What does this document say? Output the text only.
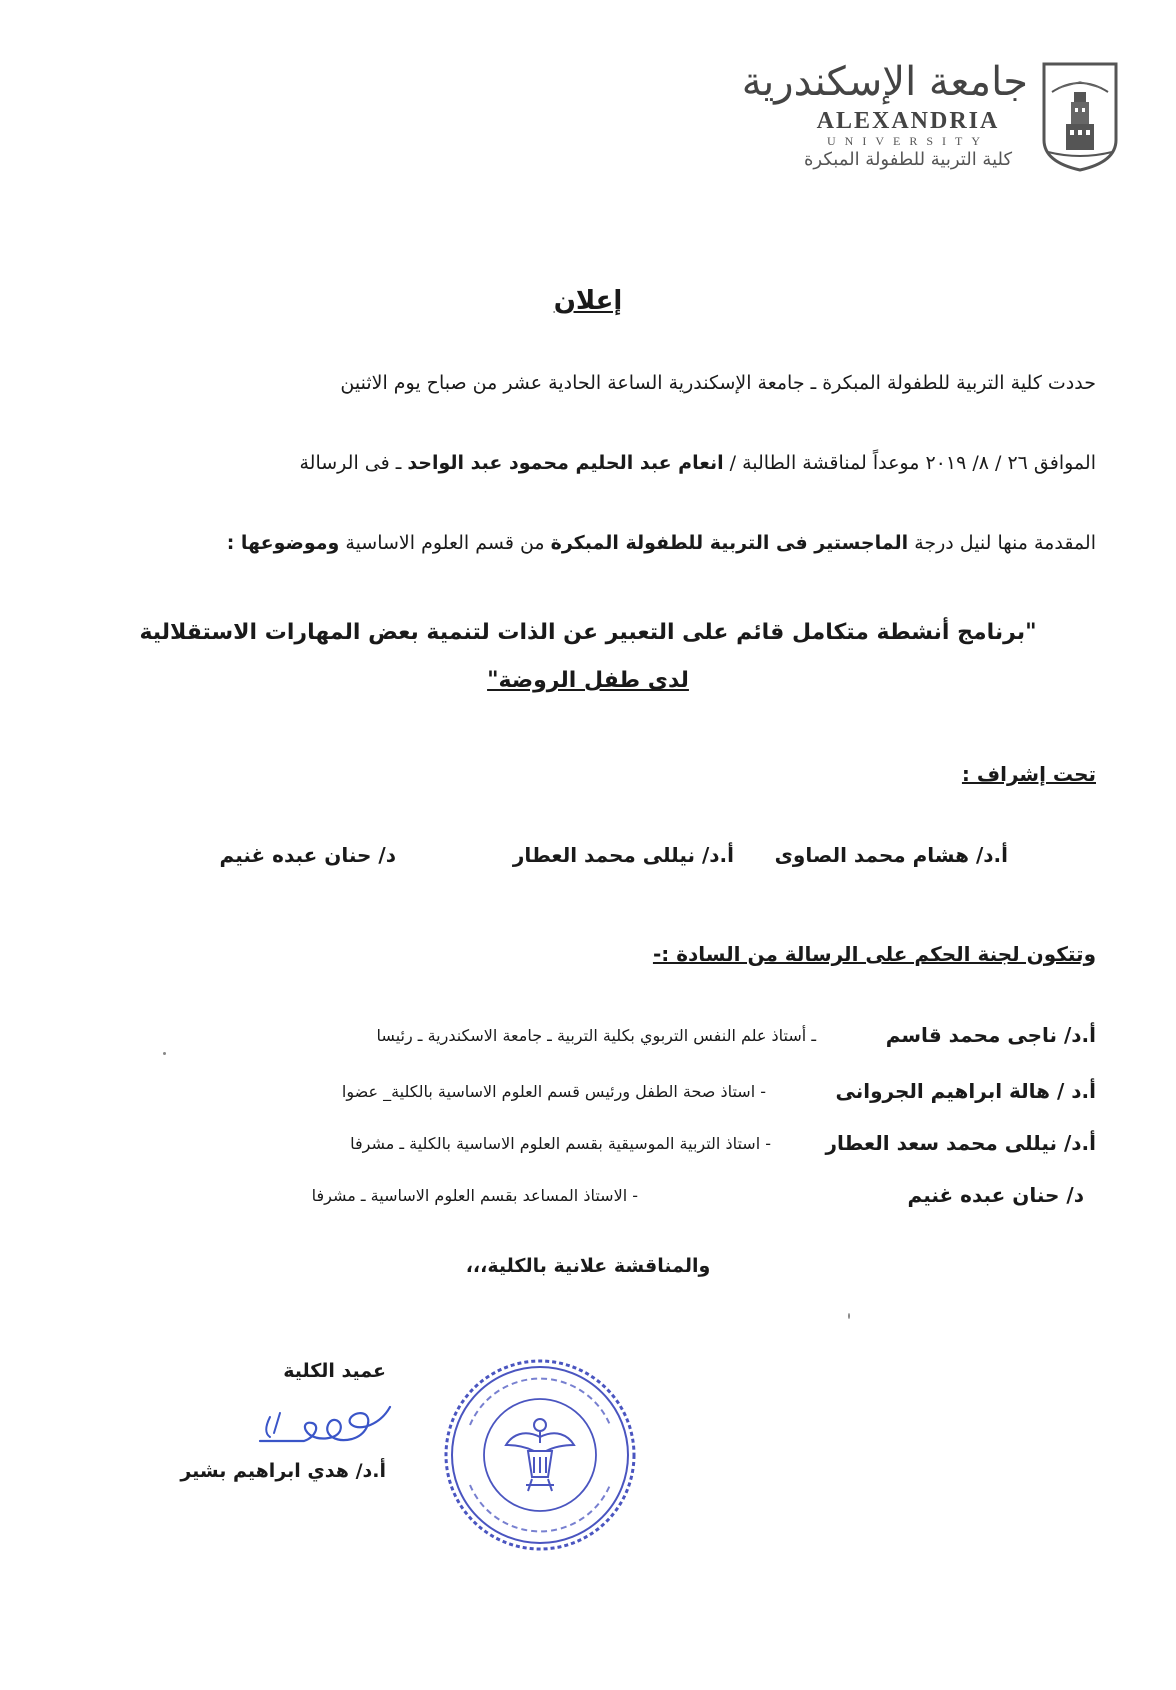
جامعة الإسكندرية
ALEXANDRIA
UNIVERSITY
كلية التربية للطفولة المبكرة
إعلان
حددت كلية التربية للطفولة المبكرة ـ جامعة الإسكندرية الساعة الحادية عشر من صباح يوم الاثنين
الموافق ٢٦ / ٨/ ٢٠١٩ موعداً لمناقشة الطالبة / انعام عبد الحليم محمود عبد الواحد ـ فى الرسالة
المقدمة منها لنيل درجة الماجستير فى التربية للطفولة المبكرة من قسم العلوم الاساسية وموضوعها :
"برنامج أنشطة متكامل قائم على التعبير عن الذات لتنمية بعض المهارات الاستقلالية
لدى طفل الروضة"
تحت إشراف :
أ.د/ هشام محمد الصاوى
أ.د/ نيللى محمد العطار
د/ حنان عبده غنيم
وتتكون لجنة الحكم على الرسالة من السادة :-
أ.د/ ناجى محمد قاسم
ـ أستاذ علم النفس التربوي بكلية التربية ـ جامعة الاسكندرية ـ رئيسا
أ.د / هالة ابراهيم الجروانى
- استاذ صحة الطفل ورئيس قسم العلوم الاساسية بالكلية_ عضوا
أ.د/ نيللى محمد سعد العطار
- استاذ التربية الموسيقية بقسم العلوم الاساسية بالكلية ـ مشرفا
د/ حنان عبده غنيم
- الاستاذ المساعد بقسم العلوم الاساسية ـ مشرفا
والمناقشة علانية بالكلية،،،
عميد الكلية
أ.د/ هدي ابراهيم بشير
